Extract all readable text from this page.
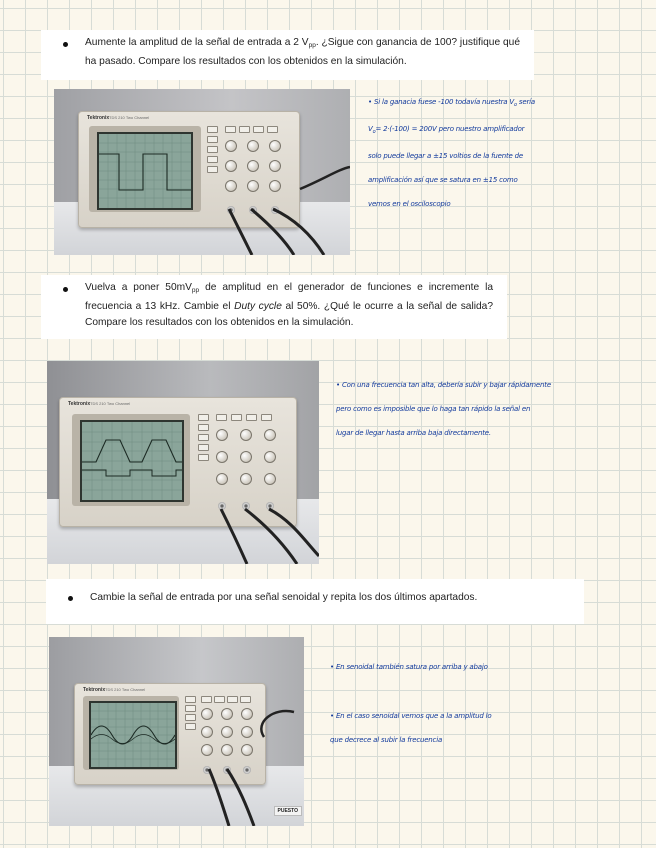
Aumente la amplitud de la señal de entrada a 2 $V_{pp}$. ¿Sigue con ganancia de 100? justifique qué ha pasado. Compare los resultados con los obtenidos en la simulación.
Tektronix TDS 210 Two Channel
• Si la ganacia fuese -100 todavía nuestra $V_o$ sería
$V_o= 2\cdot(-100) = 200V$ pero nuestro amplificador
solo puede llegar a ±15 voltios de la fuente de
amplificación así que se satura en ±15 como
vemos en el osciloscopio
Vuelva a poner $50mV_{pp}$ de amplitud en el generador de funciones e incremente la frecuencia a 13 kHz. Cambie el Duty cycle al 50%. ¿Qué le ocurre a la señal de salida? Compare los resultados con los obtenidos en la simulación.
Tektronix TDS 210 Two Channel
• Con una frecuencia tan alta, debería subir y bajar rápidamente
pero como es imposible que lo haga tan rápido la señal en
lugar de llegar hasta arriba baja directamente.
Cambie la señal de entrada por una señal senoidal y repita los dos últimos apartados.
Tektronix TDS 210 Two Channel
PUESTO
• En senoidal también satura por arriba y abajo
• En el caso senoidal vemos que a la amplitud lo
que decrece al subir la frecuencia
